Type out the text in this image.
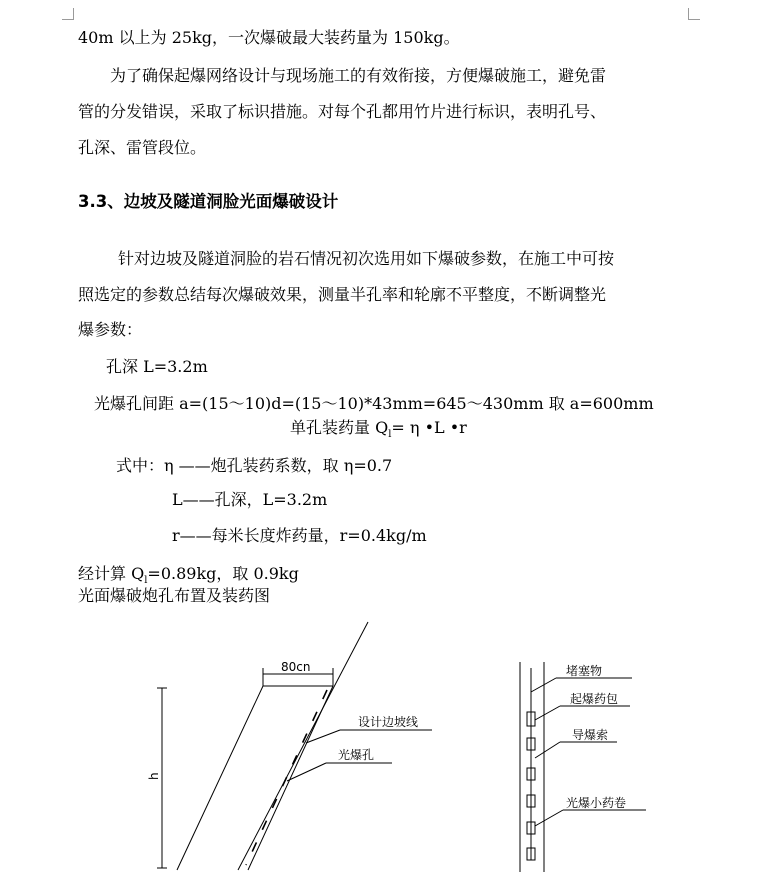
40m 以上为 25kg，一次爆破最大装药量为 150kg。
为了确保起爆网络设计与现场施工的有效衔接，方便爆破施工，避免雷
管的分发错误，采取了标识措施。对每个孔都用竹片进行标识，表明孔号、
孔深、雷管段位。
3.3、边坡及隧道洞脸光面爆破设计
针对边坡及隧道洞脸的岩石情况初次选用如下爆破参数，在施工中可按
照选定的参数总结每次爆破效果，测量半孔率和轮廓不平整度，不断调整光
爆参数：
孔深 L=3.2m
光爆孔间距 a=(15～10)d=(15～10)*43mm=645～430mm 取 a=600mm
单孔装药量 $Q_l= \eta$ •L •r
式中：η ——炮孔装药系数，取 η=0.7
L——孔深，L=3.2m
r——每米长度炸药量，r=0.4kg/m
经计算 $Q_l=0.89kg$，取 0.9kg
光面爆破炮孔布置及装药图
80cn
h
设计边坡线
光爆孔
堵塞物
起爆药包
导爆索
光爆小药卷
